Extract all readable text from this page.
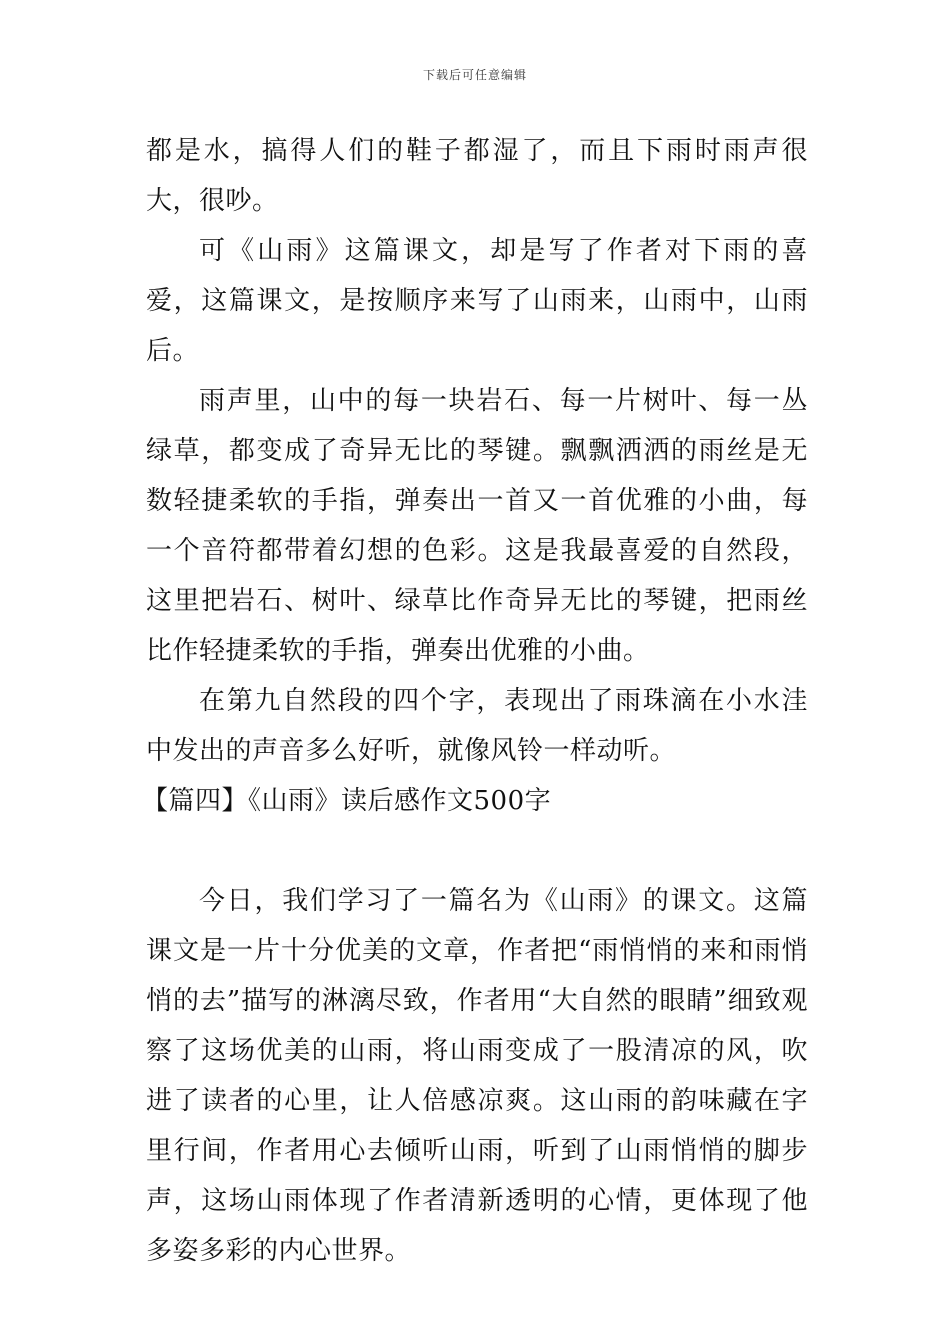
下载后可任意编辑

都是水，搞得人们的鞋子都湿了，而且下雨时雨声很大，很吵。

可《山雨》这篇课文，却是写了作者对下雨的喜爱，这篇课文，是按顺序来写了山雨来，山雨中，山雨后。

雨声里，山中的每一块岩石、每一片树叶、每一丛绿草，都变成了奇异无比的琴键。飘飘洒洒的雨丝是无数轻捷柔软的手指，弹奏出一首又一首优雅的小曲，每一个音符都带着幻想的色彩。这是我最喜爱的自然段，这里把岩石、树叶、绿草比作奇异无比的琴键，把雨丝比作轻捷柔软的手指，弹奏出优雅的小曲。

在第九自然段的四个字，表现出了雨珠滴在小水洼中发出的声音多么好听，就像风铃一样动听。

【篇四】《山雨》读后感作文500字

今日，我们学习了一篇名为《山雨》的课文。这篇课文是一片十分优美的文章，作者把“雨悄悄的来和雨悄悄的去”描写的淋漓尽致，作者用“大自然的眼睛”细致观察了这场优美的山雨，将山雨变成了一股清凉的风，吹进了读者的心里，让人倍感凉爽。这山雨的韵味藏在字里行间，作者用心去倾听山雨，听到了山雨悄悄的脚步声，这场山雨体现了作者清新透明的心情，更体现了他多姿多彩的内心世界。
